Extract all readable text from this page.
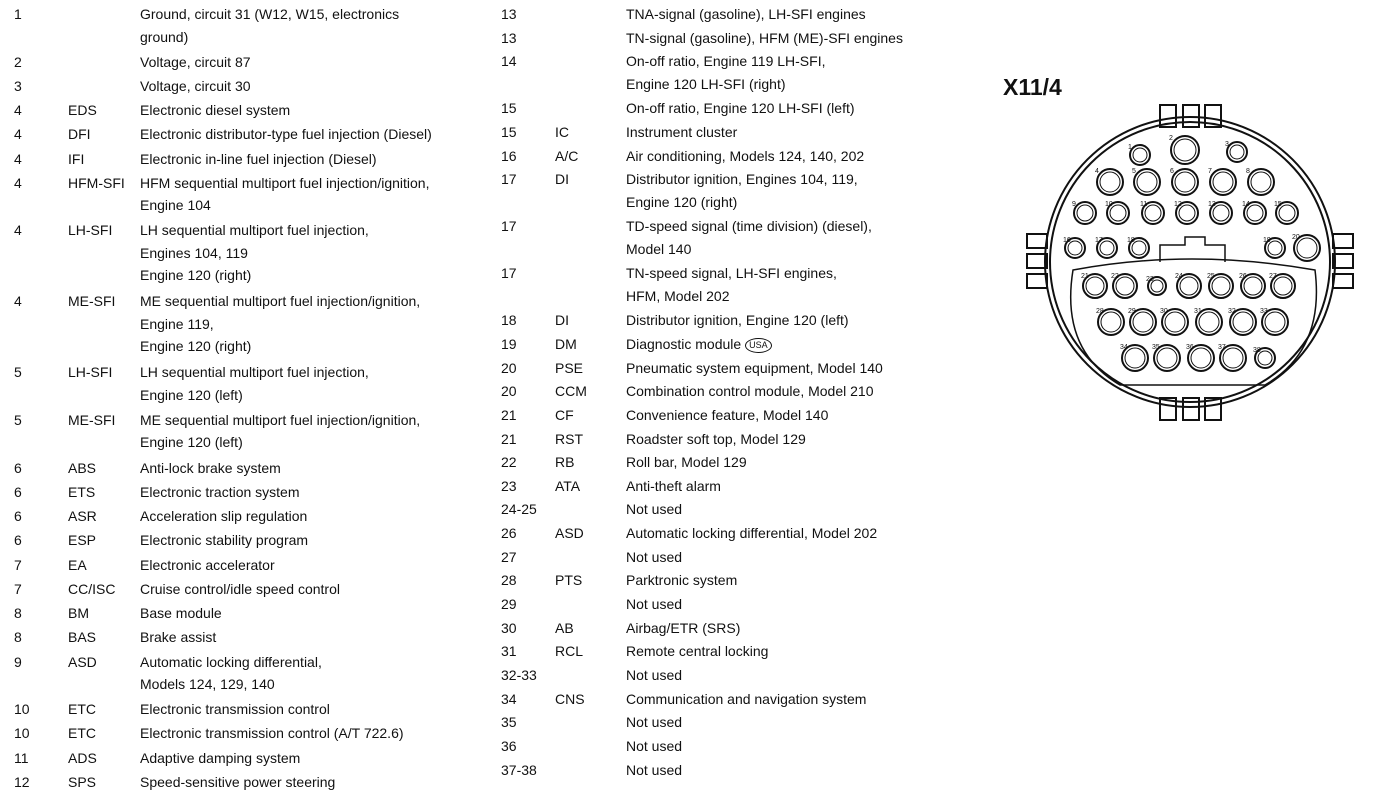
1	Ground, circuit 31 (W12, W15, electronics
ground)
2	Voltage, circuit 87
3	Voltage, circuit 30
4	EDS	Electronic diesel system
4	DFI	Electronic distributor-type fuel injection (Diesel)
4	IFI	Electronic in-line fuel injection (Diesel)
4	HFM-SFI HFM sequential multiport fuel injection/ignition,
Engine 104
4	LH-SFI LH sequential multiport fuel injection,
Engines 104, 119
Engine 120 (right)
4	ME-SFI ME sequential multiport fuel injection/ignition,
Engine 119,
Engine 120 (right)
5	LH-SFI LH sequential multiport fuel injection,
Engine 120 (left)
5	ME-SFI ME sequential multiport fuel injection/ignition,
Engine 120 (left)
6	ABS	Anti-lock brake system
6	ETS	Electronic traction system
6	ASR	Acceleration slip regulation
6	ESP	Electronic stability program
7	EA	Electronic accelerator
7	CC/ISC Cruise control/idle speed control
8	BM	Base module
8	BAS	Brake assist
9	ASD	Automatic locking differential,
Models 124, 129, 140
10	ETC	Electronic transmission control
10	ETC	Electronic transmission control (A/T 722.6)
11	ADS	Adaptive damping system
12	SPS	Speed-sensitive power steering
13	TNA-signal (gasoline), LH-SFI engines
13	TN-signal (gasoline), HFM (ME)-SFI engines
14	On-off ratio, Engine 119 LH-SFI,
Engine 120 LH-SFI (right)
15	On-off ratio, Engine 120 LH-SFI (left)
15	IC	Instrument cluster
16	A/C	Air conditioning, Models 124, 140, 202
17	DI	Distributor ignition, Engines 104, 119,
Engine 120 (right)
17	TD-speed signal (time division) (diesel),
Model 140
17	TN-speed signal, LH-SFI engines,
HFM, Model 202
18	DI	Distributor ignition, Engine 120 (left)
19	DM	Diagnostic module USA
20	PSE	Pneumatic system equipment, Model 140
20	CCM	Combination control module, Model 210
21	CF	Convenience feature, Model 140
21	RST	Roadster soft top, Model 129
22	RB	Roll bar, Model 129
23	ATA	Anti-theft alarm
24-25	Not used
26	ASD	Automatic locking differential, Model 202
27	Not used
28	PTS	Parktronic system
29	Not used
30	AB	Airbag/ETR (SRS)
31	RCL	Remote central locking
32-33	Not used
34	CNS	Communication and navigation system
35	Not used
36	Not used
37-38	Not used
X11/4
1
2
3
4	5	6	7	8
9	10	11	12	13	14	15
16	17	18	19	20
21	22	23	24	25	26	27
28	29	30	31	32	33
34	35	36	37	38
